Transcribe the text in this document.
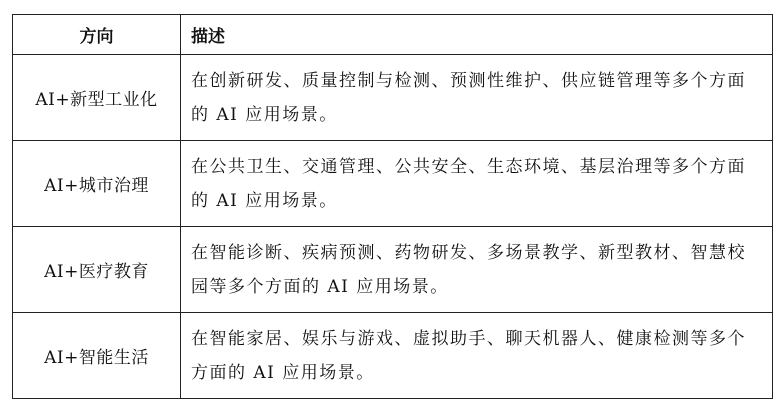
方向	描述
AI+新型工业化	在创新研发、质量控制与检测、预测性维护、供应链管理等多个方面的 AI 应用场景。
AI+城市治理	在公共卫生、交通管理、公共安全、生态环境、基层治理等多个方面的 AI 应用场景。
AI+医疗教育	在智能诊断、疾病预测、药物研发、多场景教学、新型教材、智慧校园等多个方面的 AI 应用场景。
AI+智能生活	在智能家居、娱乐与游戏、虚拟助手、聊天机器人、健康检测等多个方面的 AI 应用场景。
